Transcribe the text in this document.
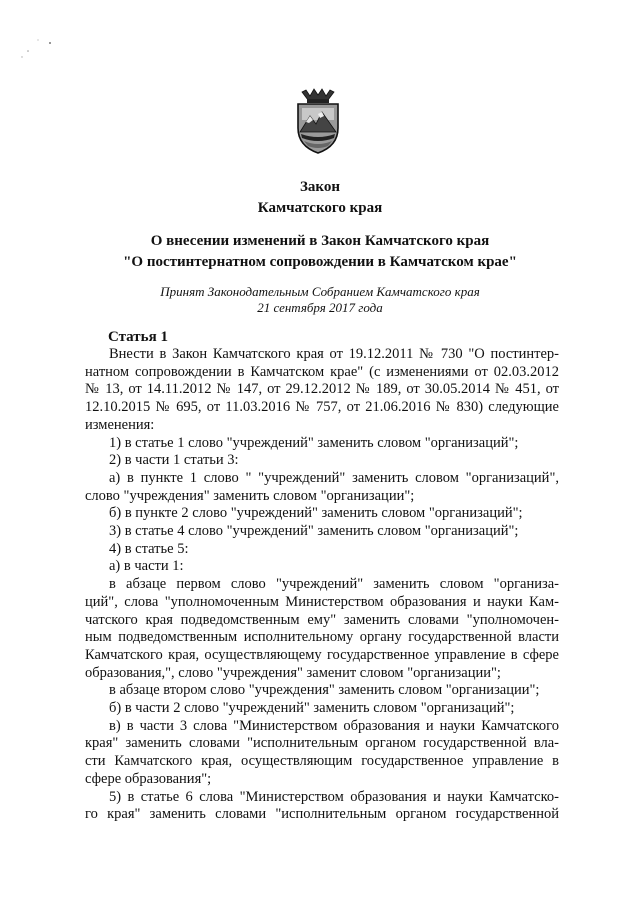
Закон
Камчатского края
О внесении изменений в Закон Камчатского края
"О постинтернатном сопровождении в Камчатском крае"
Принят Законодательным Собранием Камчатского края
21 сентября 2017 года
Статья 1
Внести в Закон Камчатского края от 19.12.2011 № 730 "О постинтер-
натном сопровождении в Камчатском крае" (с изменениями от 02.03.2012
№ 13, от 14.11.2012 № 147, от 29.12.2012 № 189, от 30.05.2014 № 451, от
12.10.2015 № 695, от 11.03.2016 № 757, от 21.06.2016 № 830) следующие
изменения:
1) в статье 1 слово "учреждений" заменить словом "организаций";
2) в части 1 статьи 3:
а) в пункте 1 слово " "учреждений" заменить словом "организаций",
слово "учреждения" заменить словом "организации";
б) в пункте 2 слово "учреждений" заменить словом "организаций";
3) в статье 4 слово "учреждений" заменить словом "организаций";
4) в статье 5:
а) в части 1:
в абзаце первом слово "учреждений" заменить словом "организа-
ций", слова "уполномоченным Министерством образования и науки Кам-
чатского края подведомственным ему" заменить словами "уполномочен-
ным подведомственным исполнительному органу государственной власти
Камчатского края, осуществляющему государственное управление в сфере
образования,", слово "учреждения" заменит словом "организации";
в абзаце втором слово "учреждения" заменить словом "организации";
б) в части 2 слово "учреждений" заменить словом "организаций";
в) в части 3 слова "Министерством образования и науки Камчатского
края" заменить словами "исполнительным органом государственной вла-
сти Камчатского края, осуществляющим государственное управление в
сфере образования";
5) в статье 6 слова "Министерством образования и науки Камчатско-
го края" заменить словами "исполнительным органом государственной
